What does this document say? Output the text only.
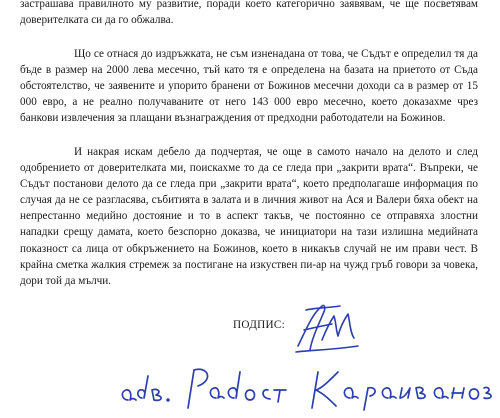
застрашава правилното му развитие, поради което категорично заявявам, че ще посветявам доверителката си да го обжалва.

Що се отнася до издръжката, не съм изненадана от това, че Съдът е определил тя да бъде в размер на 2000 лева месечно, тъй като тя е определена на базата на приетото от Съда обстоятелство, че заявените и упорито бранени от Божинов месечни доходи са в размер от 15 000 евро, а не реално получаваните от него 143 000 евро месечно, което доказахме чрез банкови извлечения за плащани възнаграждения от предходни работодатели на Божинов.

И накрая искам дебело да подчертая, че още в самото начало на делото и след одобрението от доверителката ми, поискахме то да се гледа при „закрити врата“. Въпреки, че Съдът постанови делото да се гледа при „закрити врата“, което предполагаше информация по случая да не се разгласява, събитията в залата и в личния живот на Ася и Валери бяха обект на непрестанно медийно достояние и то в аспект такъв, че постоянно се отправяха злостни нападки срещу дамата, което безспорно доказва, че инициатори на тази излишна медийната показност са лица от обкръжението на Божинов, което в никакъв случай не им прави чест. В крайна сметка жалкия стремеж за постигане на изкуствен пи-ар на чужд гръб говори за човека, дори той да мълчи.

ПОДПИС:
